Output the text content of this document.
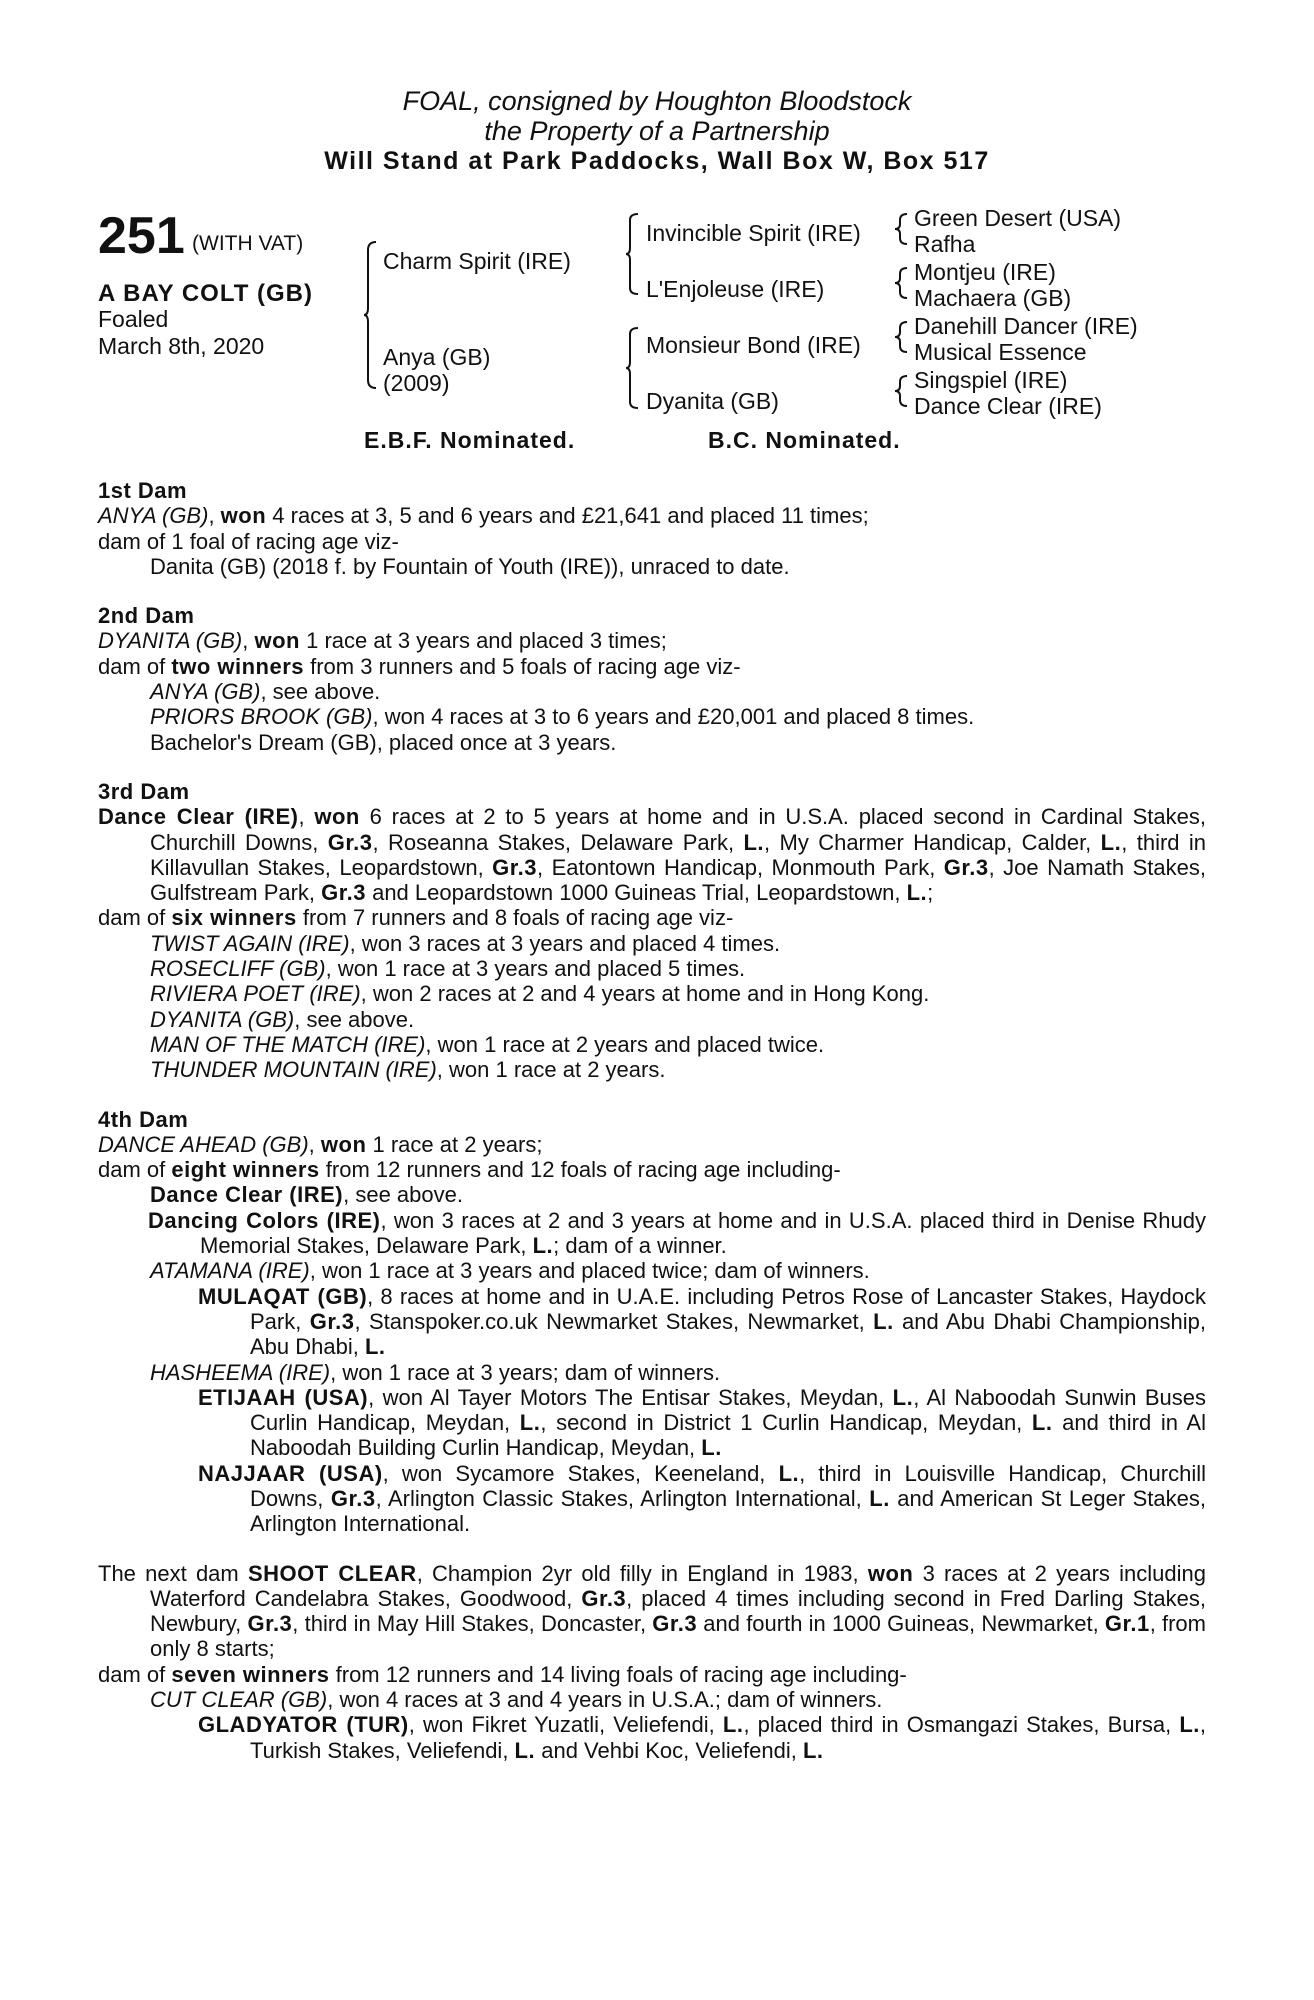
FOAL, consigned by Houghton Bloodstock
the Property of a Partnership
Will Stand at Park Paddocks, Wall Box W, Box 517
251 (WITH VAT)
A BAY COLT (GB)
Foaled
March 8th, 2020
Charm Spirit (IRE)
Anya (GB)
(2009)
Invincible Spirit (IRE)
L'Enjoleuse (IRE)
Monsieur Bond (IRE)
Dyanita (GB)
Green Desert (USA)
Rafha
Montjeu (IRE)
Machaera (GB)
Danehill Dancer (IRE)
Musical Essence
Singspiel (IRE)
Dance Clear (IRE)
E.B.F. Nominated.	B.C. Nominated.

1st Dam

ANYA (GB), won 4 races at 3, 5 and 6 years and £21,641 and placed 11 times;

dam of 1 foal of racing age viz-

Danita (GB) (2018 f. by Fountain of Youth (IRE)), unraced to date.

2nd Dam

DYANITA (GB), won 1 race at 3 years and placed 3 times;

dam of two winners from 3 runners and 5 foals of racing age viz-

ANYA (GB), see above.

PRIORS BROOK (GB), won 4 races at 3 to 6 years and £20,001 and placed 8 times.

Bachelor's Dream (GB), placed once at 3 years.

3rd Dam

Dance Clear (IRE), won 6 races at 2 to 5 years at home and in U.S.A. placed second in Cardinal Stakes, Churchill Downs, Gr.3, Roseanna Stakes, Delaware Park, L., My Charmer Handicap, Calder, L., third in Killavullan Stakes, Leopardstown, Gr.3, Eatontown Handicap, Monmouth Park, Gr.3, Joe Namath Stakes, Gulfstream Park, Gr.3 and Leopardstown 1000 Guineas Trial, Leopardstown, L.;

dam of six winners from 7 runners and 8 foals of racing age viz-

TWIST AGAIN (IRE), won 3 races at 3 years and placed 4 times.

ROSECLIFF (GB), won 1 race at 3 years and placed 5 times.

RIVIERA POET (IRE), won 2 races at 2 and 4 years at home and in Hong Kong.

DYANITA (GB), see above.

MAN OF THE MATCH (IRE), won 1 race at 2 years and placed twice.

THUNDER MOUNTAIN (IRE), won 1 race at 2 years.

4th Dam

DANCE AHEAD (GB), won 1 race at 2 years;

dam of eight winners from 12 runners and 12 foals of racing age including-

Dance Clear (IRE), see above.

Dancing Colors (IRE), won 3 races at 2 and 3 years at home and in U.S.A. placed third in Denise Rhudy Memorial Stakes, Delaware Park, L.; dam of a winner.

ATAMANA (IRE), won 1 race at 3 years and placed twice; dam of winners.

MULAQAT (GB), 8 races at home and in U.A.E. including Petros Rose of Lancaster Stakes, Haydock Park, Gr.3, Stanspoker.co.uk Newmarket Stakes, Newmarket, L. and Abu Dhabi Championship, Abu Dhabi, L.

HASHEEMA (IRE), won 1 race at 3 years; dam of winners.

ETIJAAH (USA), won Al Tayer Motors The Entisar Stakes, Meydan, L., Al Naboodah Sunwin Buses Curlin Handicap, Meydan, L., second in District 1 Curlin Handicap, Meydan, L. and third in Al Naboodah Building Curlin Handicap, Meydan, L.

NAJJAAR (USA), won Sycamore Stakes, Keeneland, L., third in Louisville Handicap, Churchill Downs, Gr.3, Arlington Classic Stakes, Arlington International, L. and American St Leger Stakes, Arlington International.

The next dam SHOOT CLEAR, Champion 2yr old filly in England in 1983, won 3 races at 2 years including Waterford Candelabra Stakes, Goodwood, Gr.3, placed 4 times including second in Fred Darling Stakes, Newbury, Gr.3, third in May Hill Stakes, Doncaster, Gr.3 and fourth in 1000 Guineas, Newmarket, Gr.1, from only 8 starts;

dam of seven winners from 12 runners and 14 living foals of racing age including-

CUT CLEAR (GB), won 4 races at 3 and 4 years in U.S.A.; dam of winners.

GLADYATOR (TUR), won Fikret Yuzatli, Veliefendi, L., placed third in Osmangazi Stakes, Bursa, L., Turkish Stakes, Veliefendi, L. and Vehbi Koc, Veliefendi, L.
